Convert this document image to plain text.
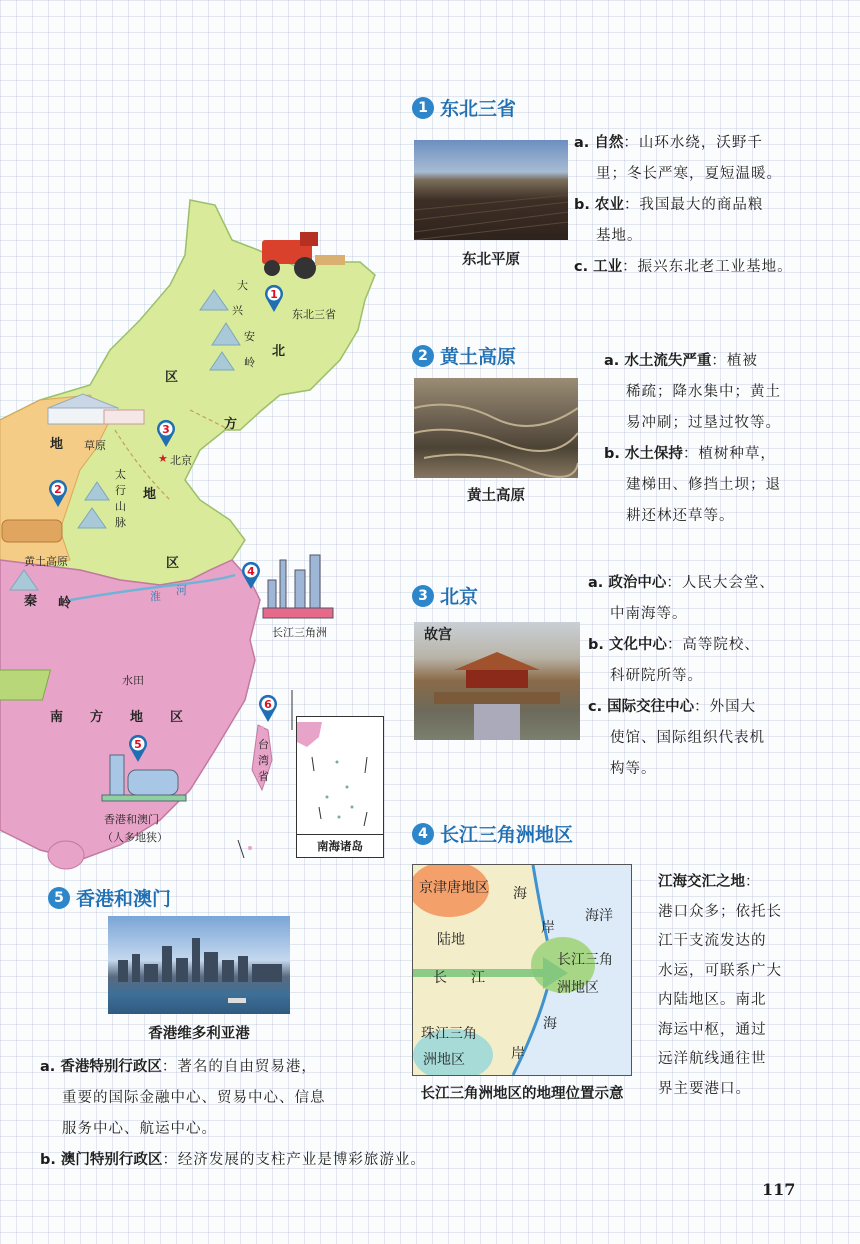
大
兴
安
岭
东北三省
北
区
方
地 草原
★ 北京
太
行
山
脉
地
区
黄土高原
秦 岭	淮 河
长江三角洲
水田
南 方 地 区
台
湾
省
香港和澳门
（人多地狭）
1
2
3
4
5
6
南海诸岛
1 东北三省
东北平原
a. 自然：山环水绕，沃野千
里；冬长严寒，夏短温暖。
b. 农业：我国最大的商品粮
基地。
c. 工业：振兴东北老工业基地。
2 黄土高原
黄土高原
a. 水土流失严重：植被
稀疏；降水集中；黄土
易冲刷；过垦过牧等。
b. 水土保持：植树种草，
建梯田、修挡土坝；退
耕还林还草等。
3 北京
故宫
a. 政治中心：人民大会堂、
中南海等。
b. 文化中心：高等院校、
科研院所等。
c. 国际交往中心：外国大
使馆、国际组织代表机
构等。
4 长江三角洲地区
京津唐地区 海
海洋
岸
陆地
长 江
长江三角
洲地区
海
珠江三角
洲地区	岸
长江三角洲地区的地理位置示意
江海交汇之地：
港口众多；依托长
江干支流发达的
水运，可联系广大
内陆地区。南北
海运中枢，通过
远洋航线通往世
界主要港口。
5 香港和澳门
香港维多利亚港
a. 香港特别行政区：著名的自由贸易港，
重要的国际金融中心、贸易中心、信息
服务中心、航运中心。
b. 澳门特别行政区：经济发展的支柱产业是博彩旅游业。
117
